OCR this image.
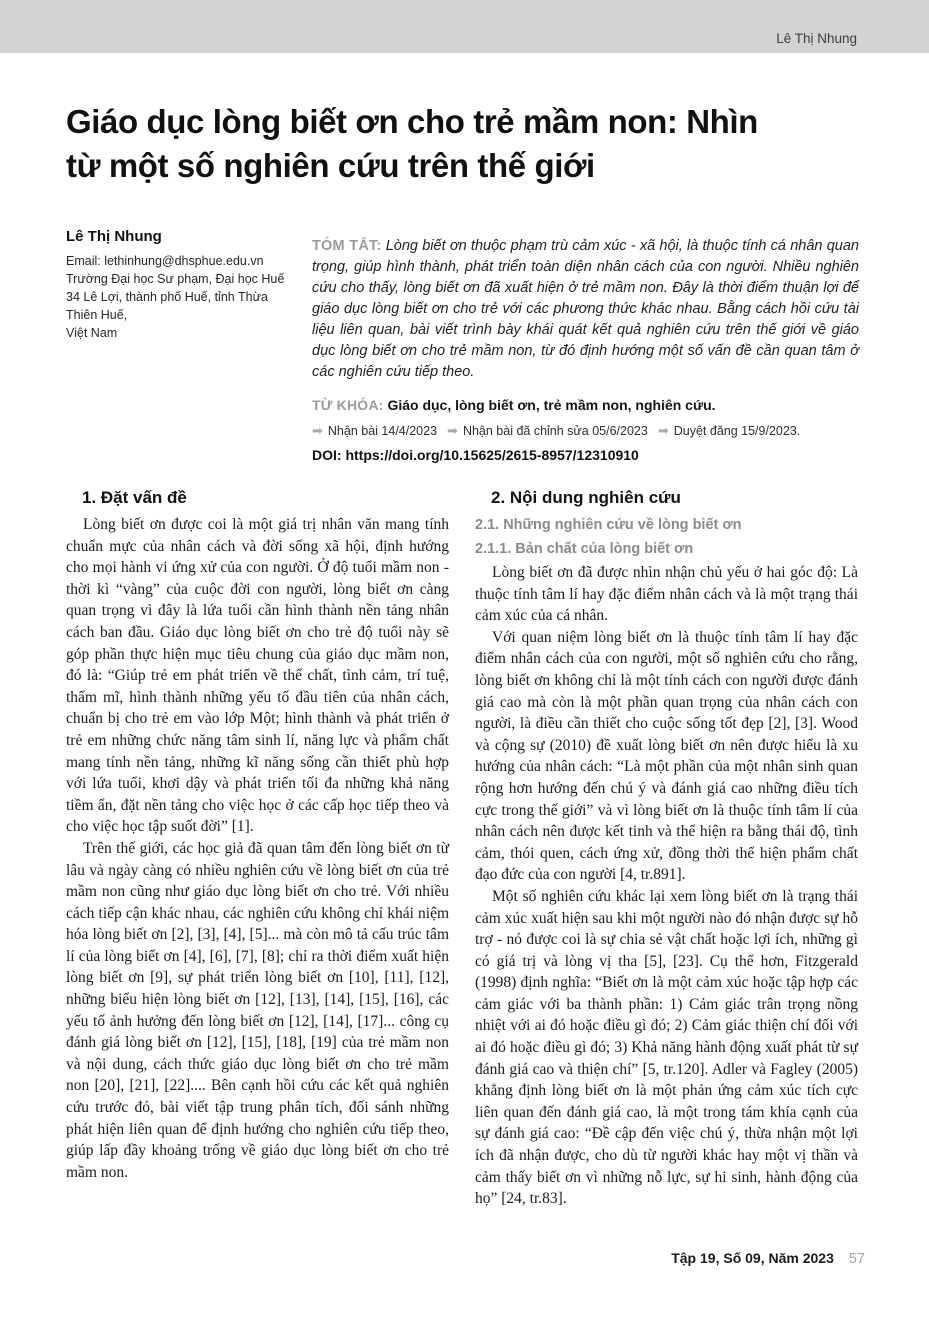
Lê Thị Nhung
Giáo dục lòng biết ơn cho trẻ mầm non: Nhìn từ một số nghiên cứu trên thế giới
Lê Thị Nhung
Email: lethinhung@dhsphue.edu.vn
Trường Đại học Sư phạm, Đại học Huế
34 Lê Lợi, thành phố Huế, tỉnh Thừa Thiên Huế,
Việt Nam

TÓM TẮT: Lòng biết ơn thuộc phạm trù cảm xúc - xã hội, là thuộc tính cá nhân quan trọng, giúp hình thành, phát triển toàn diện nhân cách của con người. Nhiều nghiên cứu cho thấy, lòng biết ơn đã xuất hiện ở trẻ mầm non. Đây là thời điểm thuận lợi để giáo dục lòng biết ơn cho trẻ với các phương thức khác nhau. Bằng cách hồi cứu tài liệu liên quan, bài viết trình bày khái quát kết quả nghiên cứu trên thế giới về giáo dục lòng biết ơn cho trẻ mầm non, từ đó định hướng một số vấn đề cần quan tâm ở các nghiên cứu tiếp theo.

TỪ KHÓA: Giáo dục, lòng biết ơn, trẻ mầm non, nghiên cứu.

➡ Nhận bài 14/4/2023 ➡ Nhận bài đã chỉnh sửa 05/6/2023 ➡ Duyệt đăng 15/9/2023.
DOI: https://doi.org/10.15625/2615-8957/12310910
1. Đặt vấn đề

Lòng biết ơn được coi là một giá trị nhân văn mang tính chuẩn mực của nhân cách và đời sống xã hội, định hướng cho mọi hành vi ứng xử của con người. Ở độ tuổi mầm non - thời kì “vàng” của cuộc đời con người, lòng biết ơn càng quan trọng vì đây là lứa tuổi cần hình thành nền tảng nhân cách ban đầu. Giáo dục lòng biết ơn cho trẻ độ tuổi này sẽ góp phần thực hiện mục tiêu chung của giáo dục mầm non, đó là: “Giúp trẻ em phát triển về thể chất, tình cảm, trí tuệ, thẩm mĩ, hình thành những yếu tố đầu tiên của nhân cách, chuẩn bị cho trẻ em vào lớp Một; hình thành và phát triển ở trẻ em những chức năng tâm sinh lí, năng lực và phẩm chất mang tính nền tảng, những kĩ năng sống cần thiết phù hợp với lứa tuổi, khơi dậy và phát triển tối đa những khả năng tiềm ẩn, đặt nền tảng cho việc học ở các cấp học tiếp theo và cho việc học tập suốt đời” [1].

Trên thế giới, các học giả đã quan tâm đến lòng biết ơn từ lâu và ngày càng có nhiều nghiên cứu về lòng biết ơn của trẻ mầm non cũng như giáo dục lòng biết ơn cho trẻ. Với nhiều cách tiếp cận khác nhau, các nghiên cứu không chỉ khái niệm hóa lòng biết ơn [2], [3], [4], [5]... mà còn mô tả cấu trúc tâm lí của lòng biết ơn [4], [6], [7], [8]; chỉ ra thời điểm xuất hiện lòng biết ơn [9], sự phát triển lòng biết ơn [10], [11], [12], những biểu hiện lòng biết ơn [12], [13], [14], [15], [16], các yếu tố ảnh hưởng đến lòng biết ơn [12], [14], [17]... công cụ đánh giá lòng biết ơn [12], [15], [18], [19] của trẻ mầm non và nội dung, cách thức giáo dục lòng biết ơn cho trẻ mầm non [20], [21], [22].... Bên cạnh hồi cứu các kết quả nghiên cứu trước đó, bài viết tập trung phân tích, đối sánh những phát hiện liên quan để định hướng cho nghiên cứu tiếp theo, giúp lấp đầy khoảng trống về giáo dục lòng biết ơn cho trẻ mầm non.

2. Nội dung nghiên cứu
2.1. Những nghiên cứu về lòng biết ơn
2.1.1. Bản chất của lòng biết ơn

Lòng biết ơn đã được nhìn nhận chủ yếu ở hai góc độ: Là thuộc tính tâm lí hay đặc điểm nhân cách và là một trạng thái cảm xúc của cá nhân.

Với quan niệm lòng biết ơn là thuộc tính tâm lí hay đặc điểm nhân cách của con người, một số nghiên cứu cho rằng, lòng biết ơn không chỉ là một tính cách con người được đánh giá cao mà còn là một phần quan trọng của nhân cách con người, là điều cần thiết cho cuộc sống tốt đẹp [2], [3]. Wood và cộng sự (2010) đề xuất lòng biết ơn nên được hiểu là xu hướng của nhân cách: “Là một phần của một nhân sinh quan rộng hơn hướng đến chú ý và đánh giá cao những điều tích cực trong thế giới” và vì lòng biết ơn là thuộc tính tâm lí của nhân cách nên được kết tinh và thể hiện ra bằng thái độ, tình cảm, thói quen, cách ứng xử, đồng thời thể hiện phẩm chất đạo đức của con người [4, tr.891].

Một số nghiên cứu khác lại xem lòng biết ơn là trạng thái cảm xúc xuất hiện sau khi một người nào đó nhận được sự hỗ trợ - nó được coi là sự chia sẻ vật chất hoặc lợi ích, những gì có giá trị và lòng vị tha [5], [23]. Cụ thể hơn, Fitzgerald (1998) định nghĩa: “Biết ơn là một cảm xúc hoặc tập hợp các cảm giác với ba thành phần: 1) Cảm giác trân trọng nồng nhiệt với ai đó hoặc điều gì đó; 2) Cảm giác thiện chí đối với ai đó hoặc điều gì đó; 3) Khả năng hành động xuất phát từ sự đánh giá cao và thiện chí” [5, tr.120]. Adler và Fagley (2005) khẳng định lòng biết ơn là một phản ứng cảm xúc tích cực liên quan đến đánh giá cao, là một trong tám khía cạnh của sự đánh giá cao: “Đề cập đến việc chú ý, thừa nhận một lợi ích đã nhận được, cho dù từ người khác hay một vị thần và cảm thấy biết ơn vì những nỗ lực, sự hi sinh, hành động của họ” [24, tr.83].

Tập 19, Số 09, Năm 2023 57
